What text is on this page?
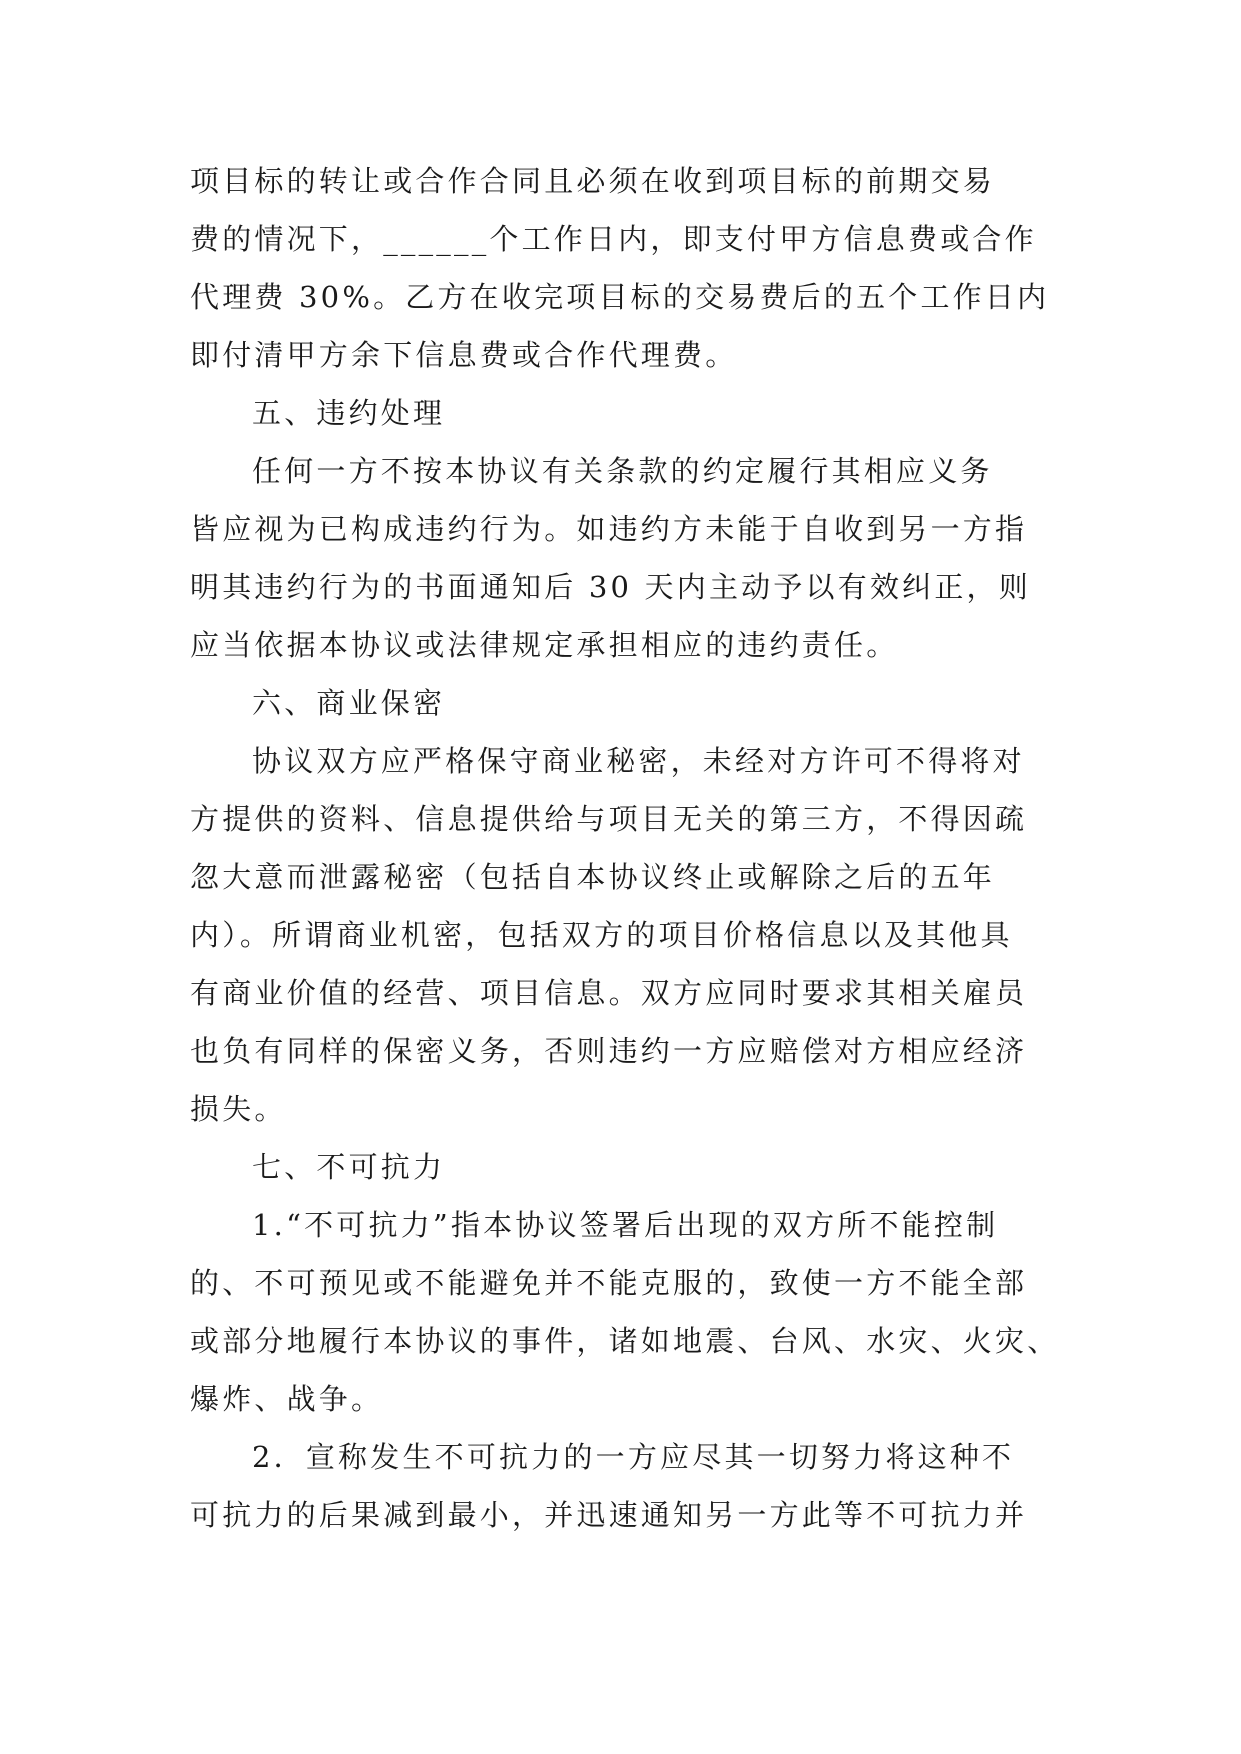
项目标的转让或合作合同且必须在收到项目标的前期交易
费的情况下，______个工作日内，即支付甲方信息费或合作
代理费 30%。乙方在收完项目标的交易费后的五个工作日内
即付清甲方余下信息费或合作代理费。
五、违约处理
任何一方不按本协议有关条款的约定履行其相应义务
皆应视为已构成违约行为。如违约方未能于自收到另一方指
明其违约行为的书面通知后 30 天内主动予以有效纠正，则
应当依据本协议或法律规定承担相应的违约责任。
六、商业保密
协议双方应严格保守商业秘密，未经对方许可不得将对
方提供的资料、信息提供给与项目无关的第三方，不得因疏
忽大意而泄露秘密（包括自本协议终止或解除之后的五年
内）。所谓商业机密，包括双方的项目价格信息以及其他具
有商业价值的经营、项目信息。双方应同时要求其相关雇员
也负有同样的保密义务，否则违约一方应赔偿对方相应经济
损失。
七、不可抗力
1.“不可抗力”指本协议签署后出现的双方所不能控制
的、不可预见或不能避免并不能克服的，致使一方不能全部
或部分地履行本协议的事件，诸如地震、台风、水灾、火灾、
爆炸、战争。
2．宣称发生不可抗力的一方应尽其一切努力将这种不
可抗力的后果减到最小，并迅速通知另一方此等不可抗力并
